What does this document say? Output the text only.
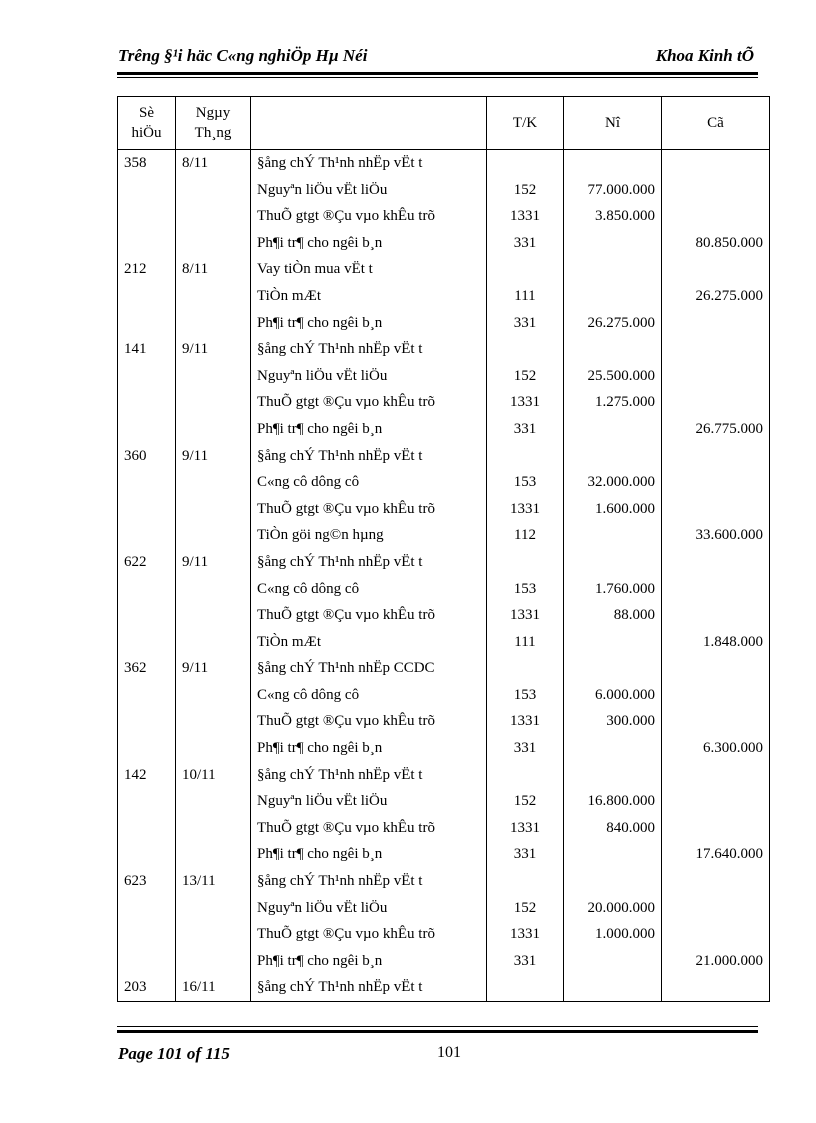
Trêng §¹i häc C«ng nghiÖp Hµ Néi	Khoa Kinh tÕ
Sè
hiÖu	Ngµy
Th¸ng		T/K	Nî	Cã
358	8/11	§ång chÝ Th¹nh nhËp vËt t			
		Nguyªn liÖu vËt liÖu	152	77.000.000	
		ThuÕ gtgt ®Çu vµo khÊu trõ	1331	3.850.000	
		Ph¶i tr¶ cho ngêi b¸n	331		80.850.000
212	8/11	Vay tiÒn mua vËt t			
		TiÒn mÆt	111		26.275.000
		Ph¶i tr¶ cho ngêi b¸n	331	26.275.000	
141	9/11	§ång chÝ Th¹nh nhËp vËt t			
		Nguyªn liÖu vËt liÖu	152	25.500.000	
		ThuÕ gtgt ®Çu vµo khÊu trõ	1331	1.275.000	
		Ph¶i tr¶ cho ngêi b¸n	331		26.775.000
360	9/11	§ång chÝ Th¹nh nhËp vËt t			
		C«ng cô dông cô	153	32.000.000	
		ThuÕ gtgt ®Çu vµo khÊu trõ	1331	1.600.000	
		TiÒn göi ng©n hµng	112		33.600.000
622	9/11	§ång chÝ Th¹nh nhËp vËt t			
		C«ng cô dông cô	153	1.760.000	
		ThuÕ gtgt ®Çu vµo khÊu trõ	1331	88.000	
		TiÒn mÆt	111		1.848.000
362	9/11	§ång chÝ Th¹nh nhËp CCDC			
		C«ng cô dông cô	153	6.000.000	
		ThuÕ gtgt ®Çu vµo khÊu trõ	1331	300.000	
		Ph¶i tr¶ cho ngêi b¸n	331		6.300.000
142	10/11	§ång chÝ Th¹nh nhËp vËt t			
		Nguyªn liÖu vËt liÖu	152	16.800.000	
		ThuÕ gtgt ®Çu vµo khÊu trõ	1331	840.000	
		Ph¶i tr¶ cho ngêi b¸n	331		17.640.000
623	13/11	§ång chÝ Th¹nh nhËp vËt t			
		Nguyªn liÖu vËt liÖu	152	20.000.000	
		ThuÕ gtgt ®Çu vµo khÊu trõ	1331	1.000.000	
		Ph¶i tr¶ cho ngêi b¸n	331		21.000.000
203	16/11	§ång chÝ Th¹nh nhËp vËt t			
Page 101 of 115	101
